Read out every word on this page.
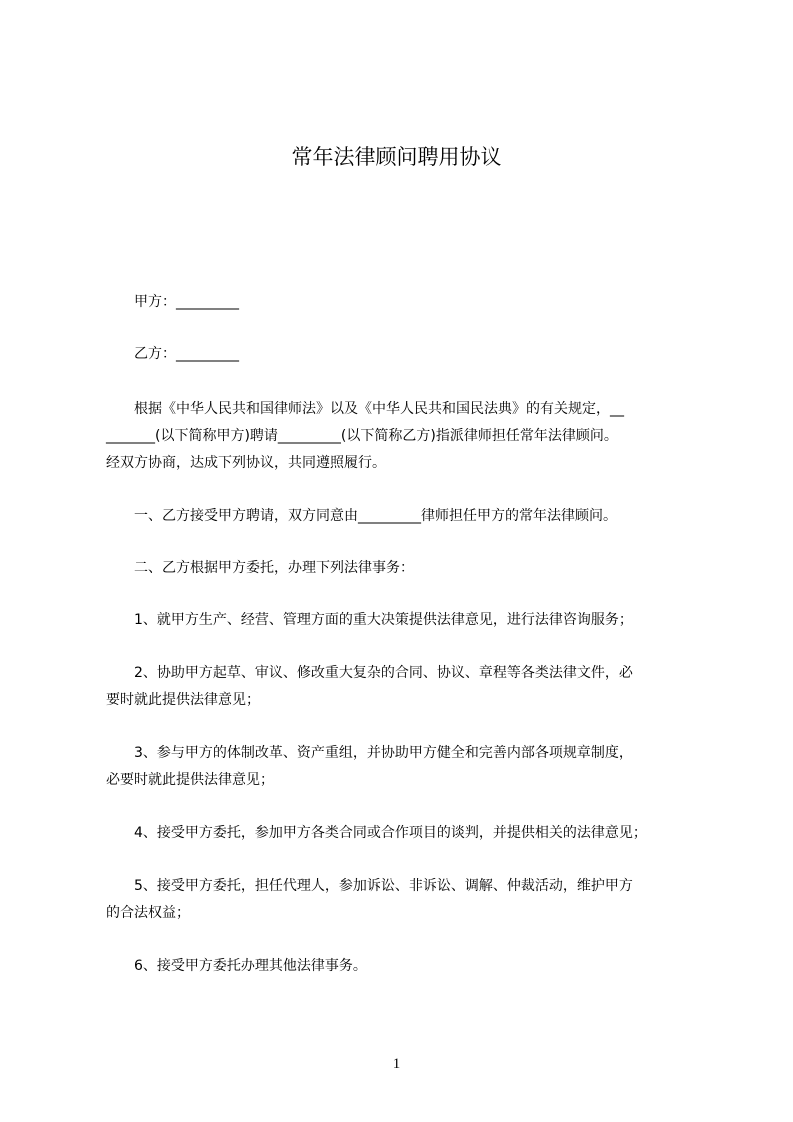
常年法律顾问聘用协议

　　甲方：_________

　　乙方：_________

　　根据《中华人民共和国律师法》以及《中华人民共和国民法典》的有关规定，__

_______(以下简称甲方)聘请_________(以下简称乙方)指派律师担任常年法律顾问。

经双方协商，达成下列协议，共同遵照履行。

　　一、乙方接受甲方聘请，双方同意由_________律师担任甲方的常年法律顾问。

　　二、乙方根据甲方委托，办理下列法律事务：

　　1、就甲方生产、经营、管理方面的重大决策提供法律意见，进行法律咨询服务；

　　2、协助甲方起草、审议、修改重大复杂的合同、协议、章程等各类法律文件，必

要时就此提供法律意见；

　　3、参与甲方的体制改革、资产重组，并协助甲方健全和完善内部各项规章制度，

必要时就此提供法律意见；

　　4、接受甲方委托，参加甲方各类合同或合作项目的谈判，并提供相关的法律意见；

　　5、接受甲方委托，担任代理人，参加诉讼、非诉讼、调解、仲裁活动，维护甲方

的合法权益；

　　6、接受甲方委托办理其他法律事务。

1
